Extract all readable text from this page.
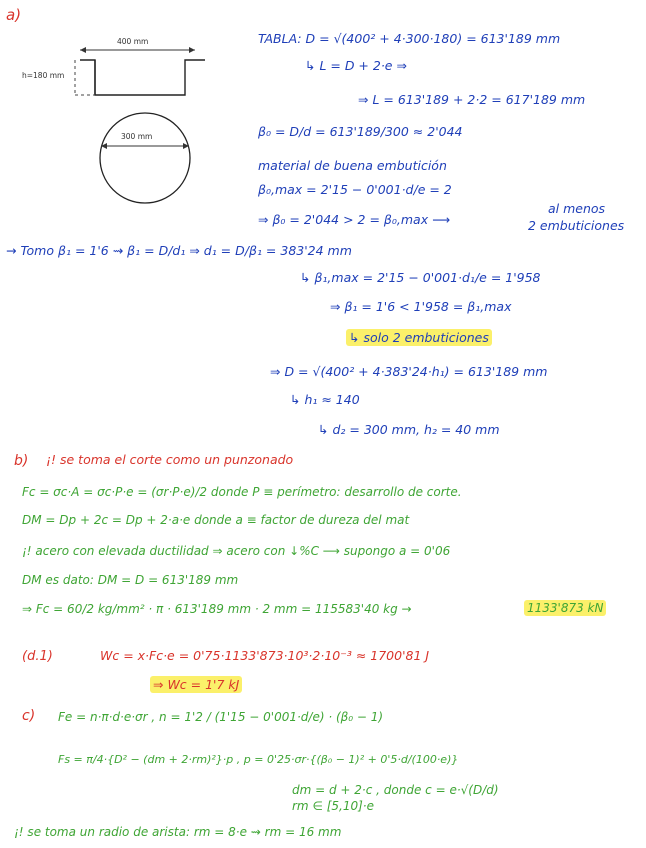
400 mm
h=180 mm
300 mm
a)
TABLA: D = √(400² + 4·300·180) = 613'189 mm
↳ L = D + 2·e ⇒
⇒ L = 613'189 + 2·2 = 617'189 mm
β₀ = D/d = 613'189/300 ≈ 2'044
material de buena embutición
β₀,max = 2'15 − 0'001·d/e = 2
⇒ β₀ = 2'044 > 2 = β₀,max ⟶
al menos
2 embuticiones
→ Tomo β₁ = 1'6 ⇝ β₁ = D/d₁ ⇒ d₁ = D/β₁ = 383'24 mm
↳ β₁,max = 2'15 − 0'001·d₁/e = 1'958
⇒ β₁ = 1'6 < 1'958 = β₁,max
↳ solo 2 embuticiones
⇒ D = √(400² + 4·383'24·h₁) = 613'189 mm
↳ h₁ ≈ 140
↳ d₂ = 300 mm, h₂ = 40 mm
b) ¡! se toma el corte como un punzonado
Fc = σc·A = σc·P·e = (σr·P·e)/2 donde P ≡ perímetro: desarrollo de corte.
DM = Dp + 2c = Dp + 2·a·e donde a ≡ factor de dureza del mat
¡! acero con elevada ductilidad ⇒ acero con ↓%C ⟶ supongo a = 0'06
DM es dato: DM = D = 613'189 mm
⇒ Fc = 60/2 kg/mm² · π · 613'189 mm · 2 mm = 115583'40 kg →	1133'873 kN
(d.1)	Wc = x·Fc·e = 0'75·1133'873·10³·2·10⁻³ ≈ 1700'81 J
⇒ Wc = 1'7 kJ
c) Fe = n·π·d·e·σr , n = 1'2 / (1'15 − 0'001·d/e) · (β₀ − 1)
Fs = π/4·{D² − (dm + 2·rm)²}·p , p = 0'25·σr·{(β₀ − 1)² + 0'5·d/(100·e)}
dm = d + 2·c , donde c = e·√(D/d)
rm ∈ [5,10]·e
¡! se toma un radio de arista: rm = 8·e ⇝ rm = 16 mm
